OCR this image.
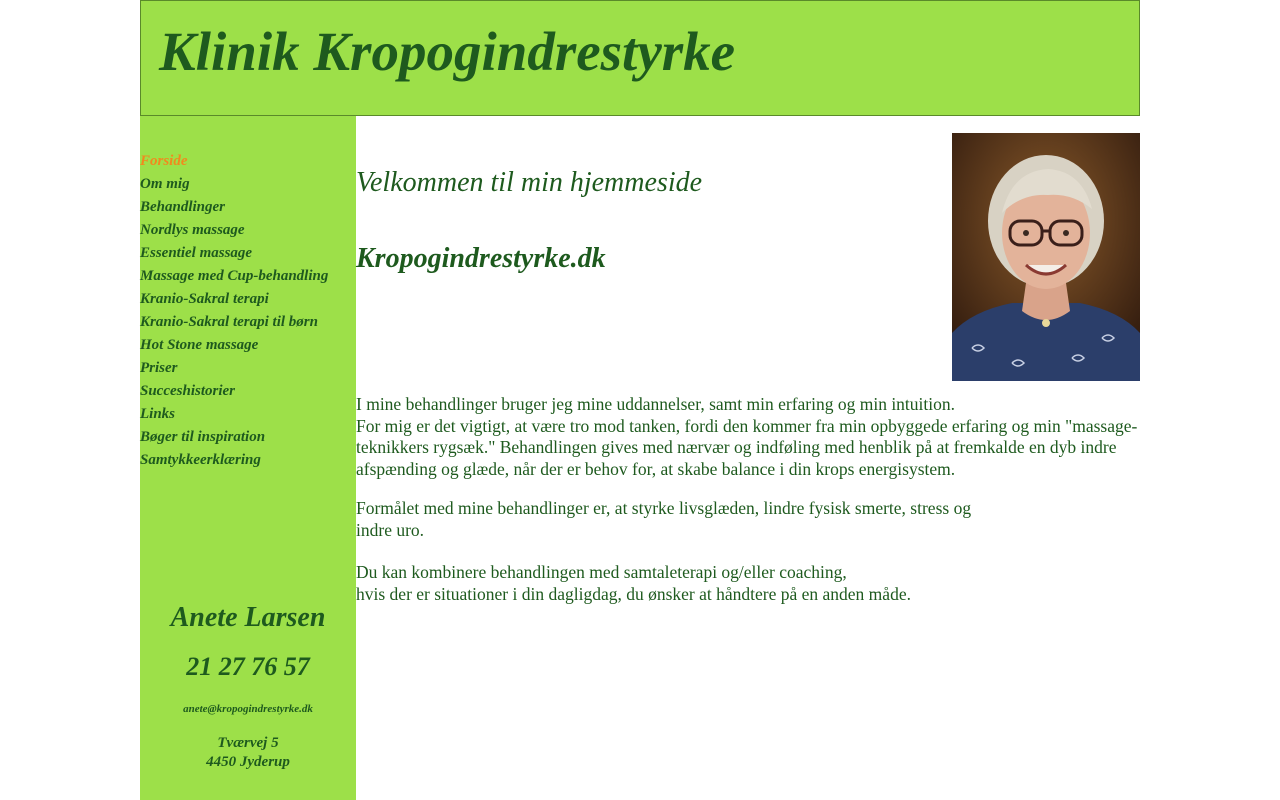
Klinik Kropogindrestyrke
Forside
Om mig
Behandlinger
Nordlys massage
Essentiel massage
Massage med Cup-behandling
Kranio-Sakral terapi
Kranio-Sakral terapi til børn
Hot Stone massage
Priser
Succeshistorier
Links
Bøger til inspiration
Samtykkeerklæring
Anete Larsen
21 27 76 57
anete@kropogindrestyrke.dk
Tværvej 5
4450 Jyderup
Velkommen til min hjemmeside
Kropogindrestyrke.dk

I mine behandlinger bruger jeg mine uddannelser, samt min erfaring og min intuition.

For mig er det vigtigt, at være tro mod tanken, fordi den kommer fra min opbyggede erfaring og min "massage-teknikkers rygsæk." Behandlingen gives med nærvær og indføling med henblik på at fremkalde en dyb indre afspænding og glæde, når der er behov for, at skabe balance i din krops energisystem.

Formålet med mine behandlinger er, at styrke livsglæden, lindre fysisk smerte, stress og

indre uro.

Du kan kombinere behandlingen med samtaleterapi og/eller coaching,

hvis der er situationer i din dagligdag, du ønsker at håndtere på en anden måde.
